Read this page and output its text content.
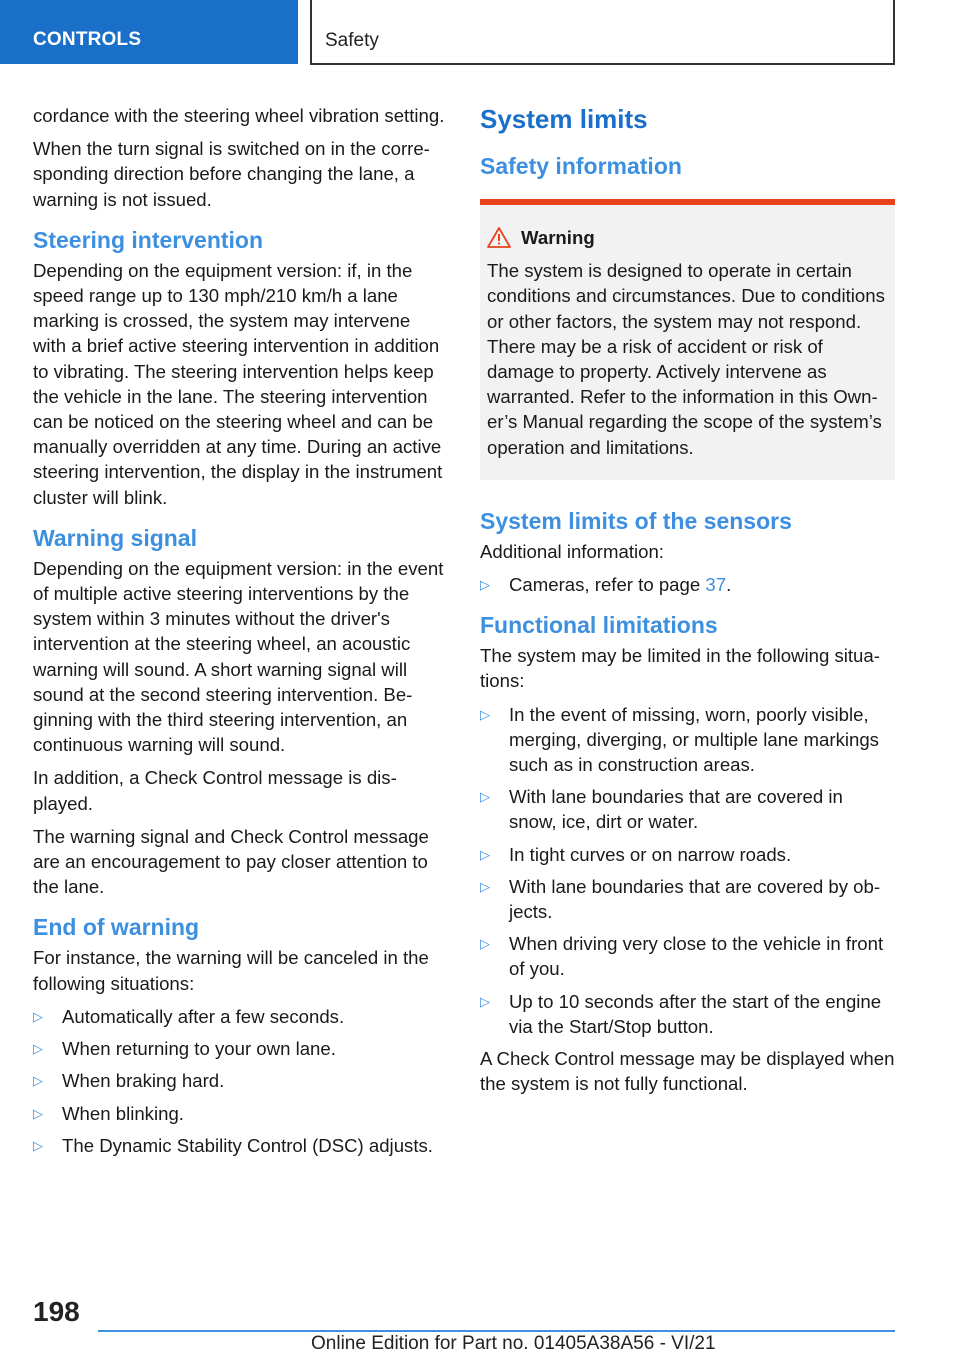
CONTROLS	Safety

cordance with the steering wheel vibration setting.

When the turn signal is switched on in the corresponding direction before changing the lane, a warning is not issued.

Steering intervention

Depending on the equipment version: if, in the speed range up to 130 mph/210 km/h a lane marking is crossed, the system may intervene with a brief active steering intervention in addition to vibrating. The steering intervention helps keep the vehicle in the lane. The steering intervention can be noticed on the steering wheel and can be manually overridden at any time. During an active steering intervention, the display in the instrument cluster will blink.

Warning signal

Depending on the equipment version: in the event of multiple active steering interventions by the system within 3 minutes without the driver's intervention at the steering wheel, an acoustic warning will sound. A short warning signal will sound at the second steering intervention. Beginning with the third steering intervention, an continuous warning will sound.

In addition, a Check Control message is displayed.

The warning signal and Check Control message are an encouragement to pay closer attention to the lane.

End of warning

For instance, the warning will be canceled in the following situations:

▷ Automatically after a few seconds.
▷ When returning to your own lane.
▷ When braking hard.
▷ When blinking.
▷ The Dynamic Stability Control (DSC) adjusts.
System limits
Safety information
Warning
The system is designed to operate in certain conditions and circumstances. Due to conditions or other factors, the system may not respond. There may be a risk of accident or risk of damage to property. Actively intervene as warranted. Refer to the information in this Owner’s Manual regarding the scope of the system’s operation and limitations.
System limits of the sensors

Additional information:

▷ Cameras, refer to page 37.
Functional limitations

The system may be limited in the following situations:

▷ In the event of missing, worn, poorly visible, merging, diverging, or multiple lane markings such as in construction areas.
▷ With lane boundaries that are covered in snow, ice, dirt or water.
▷ In tight curves or on narrow roads.
▷ With lane boundaries that are covered by objects.
▷ When driving very close to the vehicle in front of you.
▷ Up to 10 seconds after the start of the engine via the Start/Stop button.

A Check Control message may be displayed when the system is not fully functional.

198
Online Edition for Part no. 01405A38A56 - VI/21
